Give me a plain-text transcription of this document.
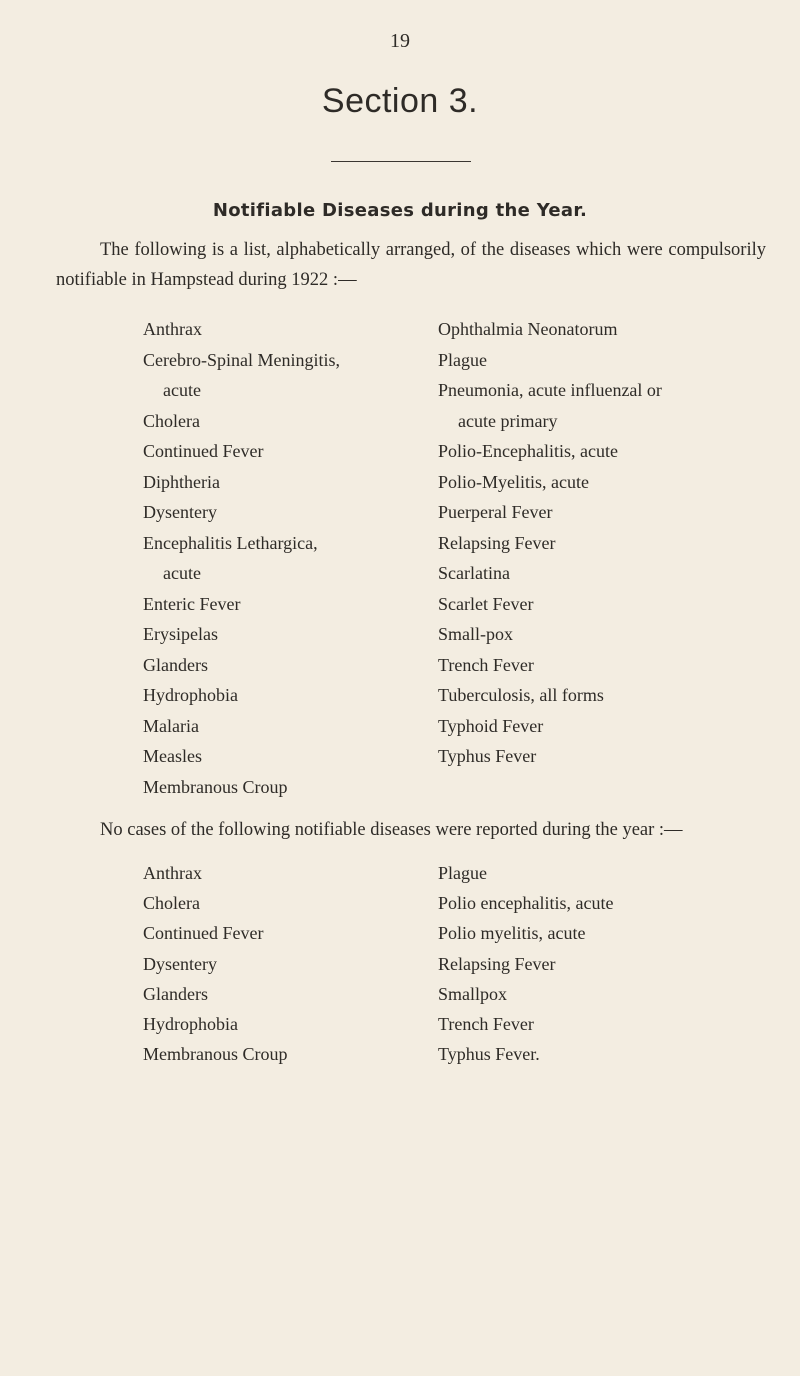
19
Section 3.
Notifiable Diseases during the Year.

The following is a list, alphabetically arranged, of the diseases which were compulsorily notifiable in Hampstead during 1922 :—

Anthrax
Cerebro-Spinal Meningitis,
acute
Cholera
Continued Fever
Diphtheria
Dysentery
Encephalitis Lethargica,
acute
Enteric Fever
Erysipelas
Glanders
Hydrophobia
Malaria
Measles
Membranous Croup
Ophthalmia Neonatorum
Plague
Pneumonia, acute influenzal or
acute primary
Polio-Encephalitis, acute
Polio-Myelitis, acute
Puerperal Fever
Relapsing Fever
Scarlatina
Scarlet Fever
Small-pox
Trench Fever
Tuberculosis, all forms
Typhoid Fever
Typhus Fever

No cases of the following notifiable diseases were reported during the year :—

Anthrax
Cholera
Continued Fever
Dysentery
Glanders
Hydrophobia
Membranous Croup
Plague
Polio encephalitis, acute
Polio myelitis, acute
Relapsing Fever
Smallpox
Trench Fever
Typhus Fever.
